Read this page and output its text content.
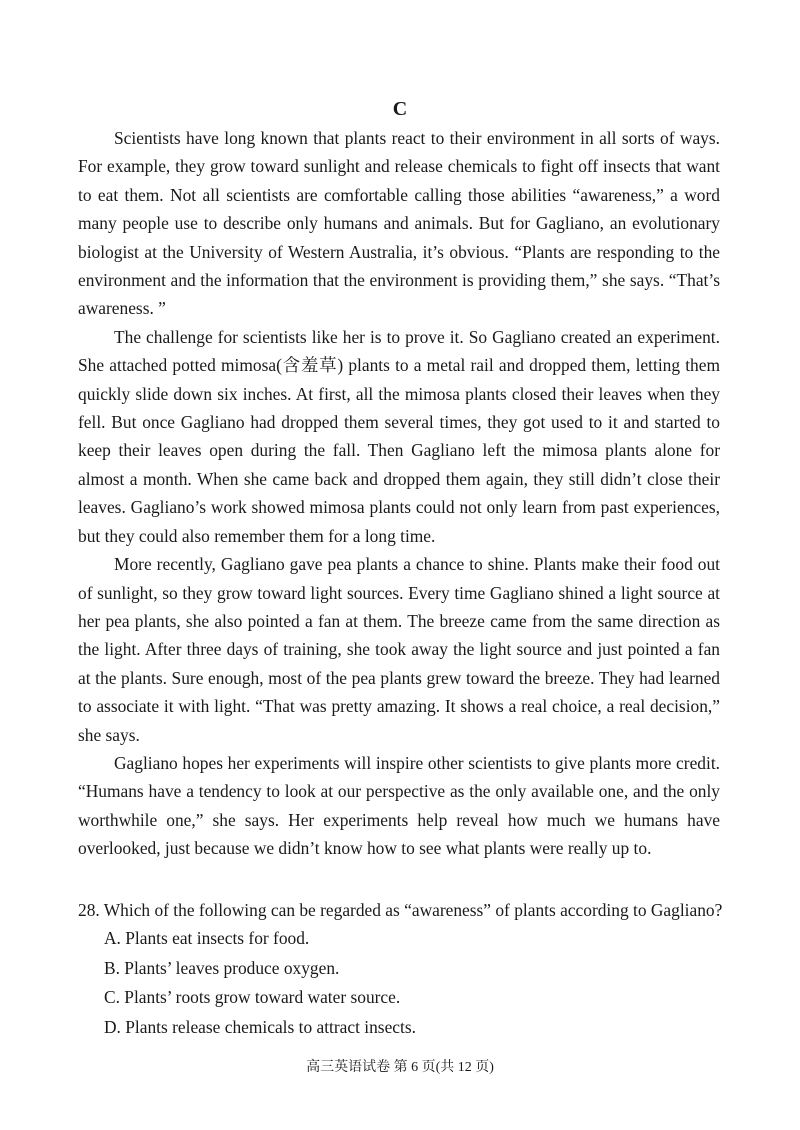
C

Scientists have long known that plants react to their environment in all sorts of ways. For example, they grow toward sunlight and release chemicals to fight off insects that want to eat them. Not all scientists are comfortable calling those abilities “awareness,” a word many people use to describe only humans and animals. But for Gagliano, an evolutionary biologist at the University of Western Australia, it’s obvious. “Plants are responding to the environment and the information that the environment is providing them,” she says. “That’s awareness. ”

The challenge for scientists like her is to prove it. So Gagliano created an experiment. She attached potted mimosa(含羞草) plants to a metal rail and dropped them, letting them quickly slide down six inches. At first, all the mimosa plants closed their leaves when they fell. But once Gagliano had dropped them several times, they got used to it and started to keep their leaves open during the fall. Then Gagliano left the mimosa plants alone for almost a month. When she came back and dropped them again, they still didn’t close their leaves. Gagliano’s work showed mimosa plants could not only learn from past experiences, but they could also remember them for a long time.

More recently, Gagliano gave pea plants a chance to shine. Plants make their food out of sunlight, so they grow toward light sources. Every time Gagliano shined a light source at her pea plants, she also pointed a fan at them. The breeze came from the same direction as the light. After three days of training, she took away the light source and just pointed a fan at the plants. Sure enough, most of the pea plants grew toward the breeze. They had learned to associate it with light. “That was pretty amazing. It shows a real choice, a real decision,” she says.

Gagliano hopes her experiments will inspire other scientists to give plants more credit. “Humans have a tendency to look at our perspective as the only available one, and the only worthwhile one,” she says. Her experiments help reveal how much we humans have overlooked, just because we didn’t know how to see what plants were really up to.

28. Which of the following can be regarded as “awareness” of plants according to Gagliano?
A. Plants eat insects for food.
B. Plants’ leaves produce oxygen.
C. Plants’ roots grow toward water source.
D. Plants release chemicals to attract insects.
高三英语试卷 第 6 页(共 12 页)
